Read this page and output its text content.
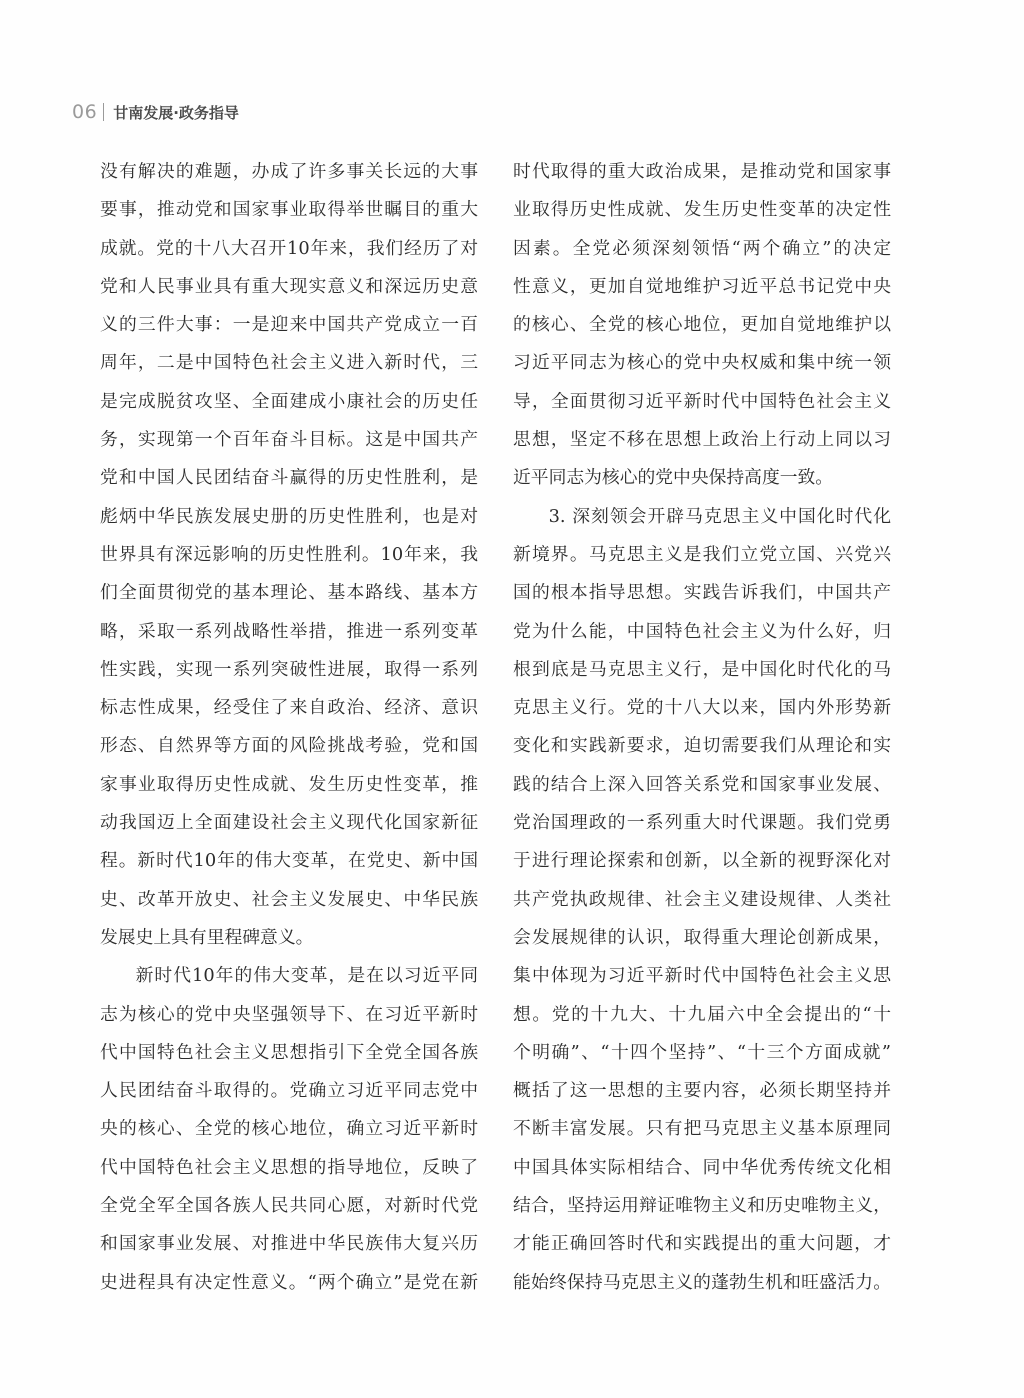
06 甘南发展·政务指导
没有解决的难题，办成了许多事关长远的大事
要事，推动党和国家事业取得举世瞩目的重大
成就。党的十八大召开10年来，我们经历了对
党和人民事业具有重大现实意义和深远历史意
义的三件大事：一是迎来中国共产党成立一百
周年，二是中国特色社会主义进入新时代，三
是完成脱贫攻坚、全面建成小康社会的历史任
务，实现第一个百年奋斗目标。这是中国共产
党和中国人民团结奋斗赢得的历史性胜利，是
彪炳中华民族发展史册的历史性胜利，也是对
世界具有深远影响的历史性胜利。10年来，我
们全面贯彻党的基本理论、基本路线、基本方
略，采取一系列战略性举措，推进一系列变革
性实践，实现一系列突破性进展，取得一系列
标志性成果，经受住了来自政治、经济、意识
形态、自然界等方面的风险挑战考验，党和国
家事业取得历史性成就、发生历史性变革，推
动我国迈上全面建设社会主义现代化国家新征
程。新时代10年的伟大变革，在党史、新中国
史、改革开放史、社会主义发展史、中华民族
发展史上具有里程碑意义。
新时代10年的伟大变革，是在以习近平同
志为核心的党中央坚强领导下、在习近平新时
代中国特色社会主义思想指引下全党全国各族
人民团结奋斗取得的。党确立习近平同志党中
央的核心、全党的核心地位，确立习近平新时
代中国特色社会主义思想的指导地位，反映了
全党全军全国各族人民共同心愿，对新时代党
和国家事业发展、对推进中华民族伟大复兴历
史进程具有决定性意义。“两个确立”是党在新
时代取得的重大政治成果，是推动党和国家事
业取得历史性成就、发生历史性变革的决定性
因素。全党必须深刻领悟“两个确立”的决定
性意义，更加自觉地维护习近平总书记党中央
的核心、全党的核心地位，更加自觉地维护以
习近平同志为核心的党中央权威和集中统一领
导，全面贯彻习近平新时代中国特色社会主义
思想，坚定不移在思想上政治上行动上同以习
近平同志为核心的党中央保持高度一致。
3. 深刻领会开辟马克思主义中国化时代化
新境界。马克思主义是我们立党立国、兴党兴
国的根本指导思想。实践告诉我们，中国共产
党为什么能，中国特色社会主义为什么好，归
根到底是马克思主义行，是中国化时代化的马
克思主义行。党的十八大以来，国内外形势新
变化和实践新要求，迫切需要我们从理论和实
践的结合上深入回答关系党和国家事业发展、
党治国理政的一系列重大时代课题。我们党勇
于进行理论探索和创新，以全新的视野深化对
共产党执政规律、社会主义建设规律、人类社
会发展规律的认识，取得重大理论创新成果，
集中体现为习近平新时代中国特色社会主义思
想。党的十九大、十九届六中全会提出的“十
个明确”、“十四个坚持”、“十三个方面成就”
概括了这一思想的主要内容，必须长期坚持并
不断丰富发展。只有把马克思主义基本原理同
中国具体实际相结合、同中华优秀传统文化相
结合，坚持运用辩证唯物主义和历史唯物主义，
才能正确回答时代和实践提出的重大问题，才
能始终保持马克思主义的蓬勃生机和旺盛活力。
